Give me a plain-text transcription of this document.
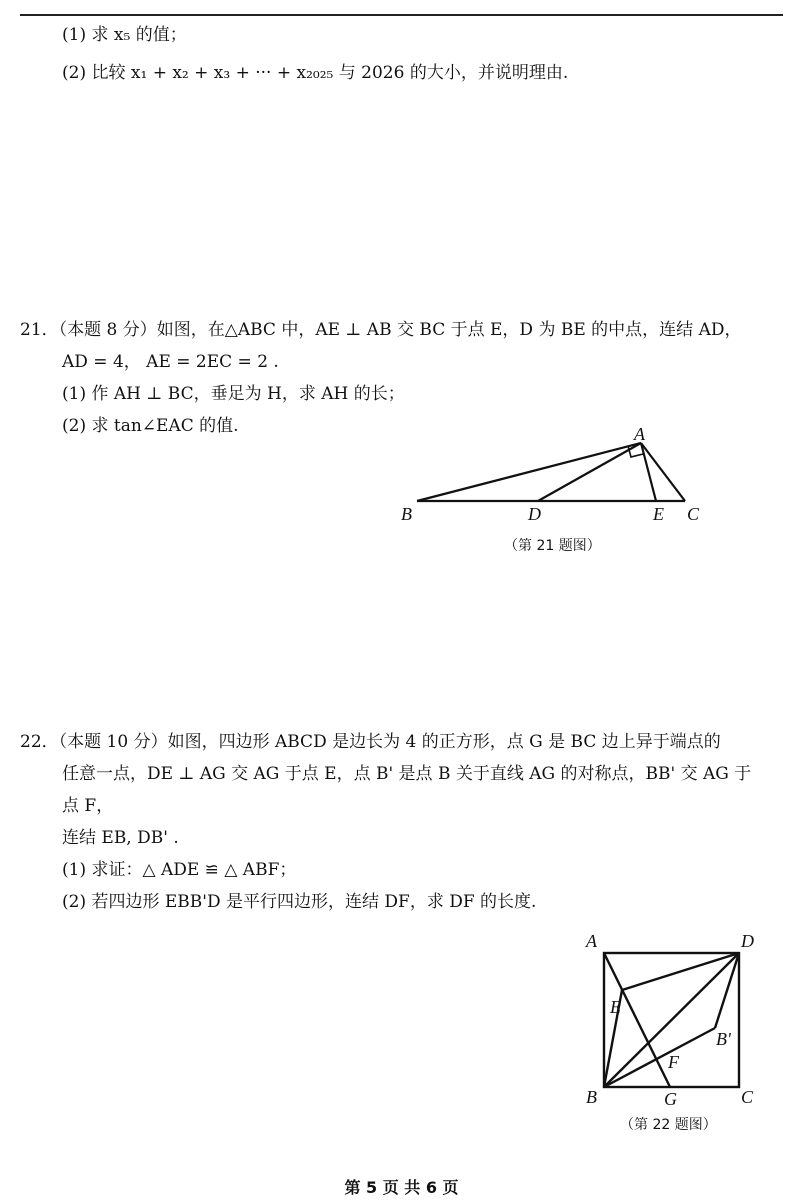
(1) 求 x₅ 的值；
(2) 比较 x₁ + x₂ + x₃ + ··· + x₂₀₂₅ 与 2026 的大小，并说明理由.
21．（本题 8 分）如图，在△ABC 中，AE ⊥ AB 交 BC 于点 E，D 为 BE 的中点，连结 AD，
AD = 4， AE = 2EC = 2 .
(1) 作 AH ⊥ BC，垂足为 H，求 AH 的长；
(2) 求 tan∠EAC 的值.	A
B	D	E C
（第 21 题图）
22．（本题 10 分）如图，四边形 ABCD 是边长为 4 的正方形，点 G 是 BC 边上异于端点的
任意一点，DE ⊥ AG 交 AG 于点 E，点 B' 是点 B 关于直线 AG 的对称点，BB' 交 AG 于
点 F，
连结 EB, DB' .
(1) 求证：△ ADE ≌ △ ABF；
(2) 若四边形 EBB'D 是平行四边形，连结 DF，求 DF 的长度.
A	D
E
B'
F
B	G	C
（第 22 题图）
第 5 页 共 6 页
